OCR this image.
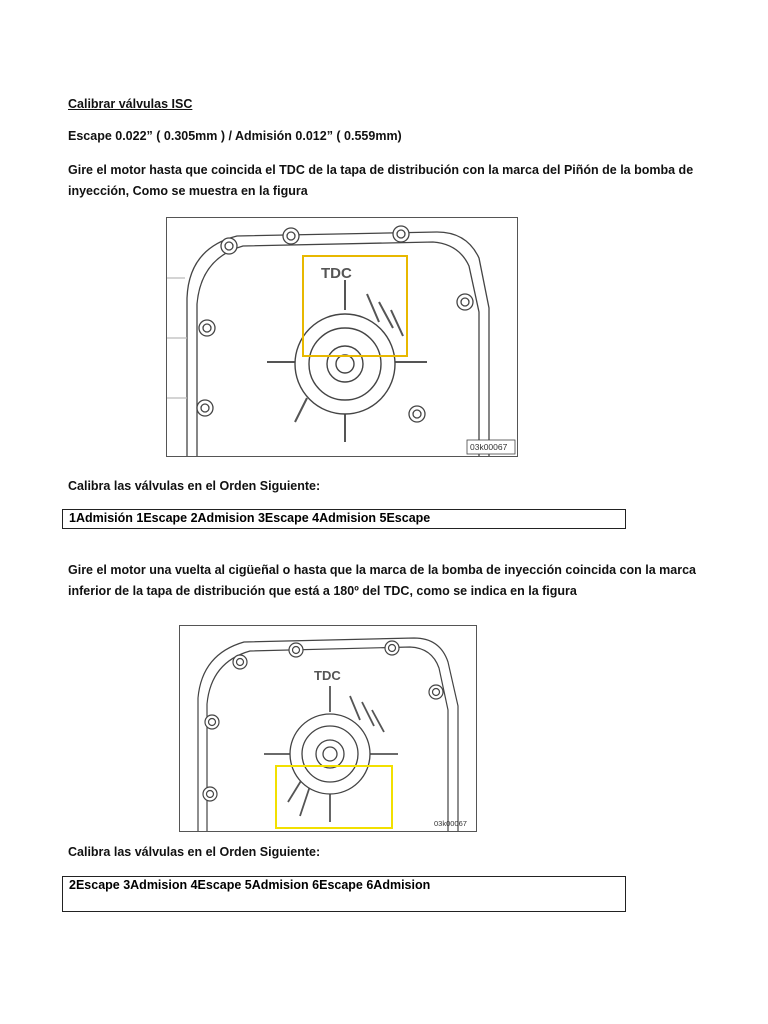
Calibrar válvulas ISC
Escape 0.022” ( 0.305mm ) / Admisión 0.012” ( 0.559mm)
Gire el motor hasta que coincida el TDC de la tapa de distribución con la marca del Piñón de la bomba de
inyección, Como se muestra en la figura
TDC
03k00067
Calibra las válvulas en el Orden Siguiente:
1Admisión 1Escape 2Admision 3Escape 4Admision 5Escape
Gire el motor una vuelta al cigüeñal o hasta que la marca de la bomba de inyección coincida con la marca
inferior de la tapa de distribución que está a 180º del TDC, como se indica en la figura
TDC
03k00067
Calibra las válvulas en el Orden Siguiente:
2Escape 3Admision 4Escape 5Admision 6Escape 6Admision
